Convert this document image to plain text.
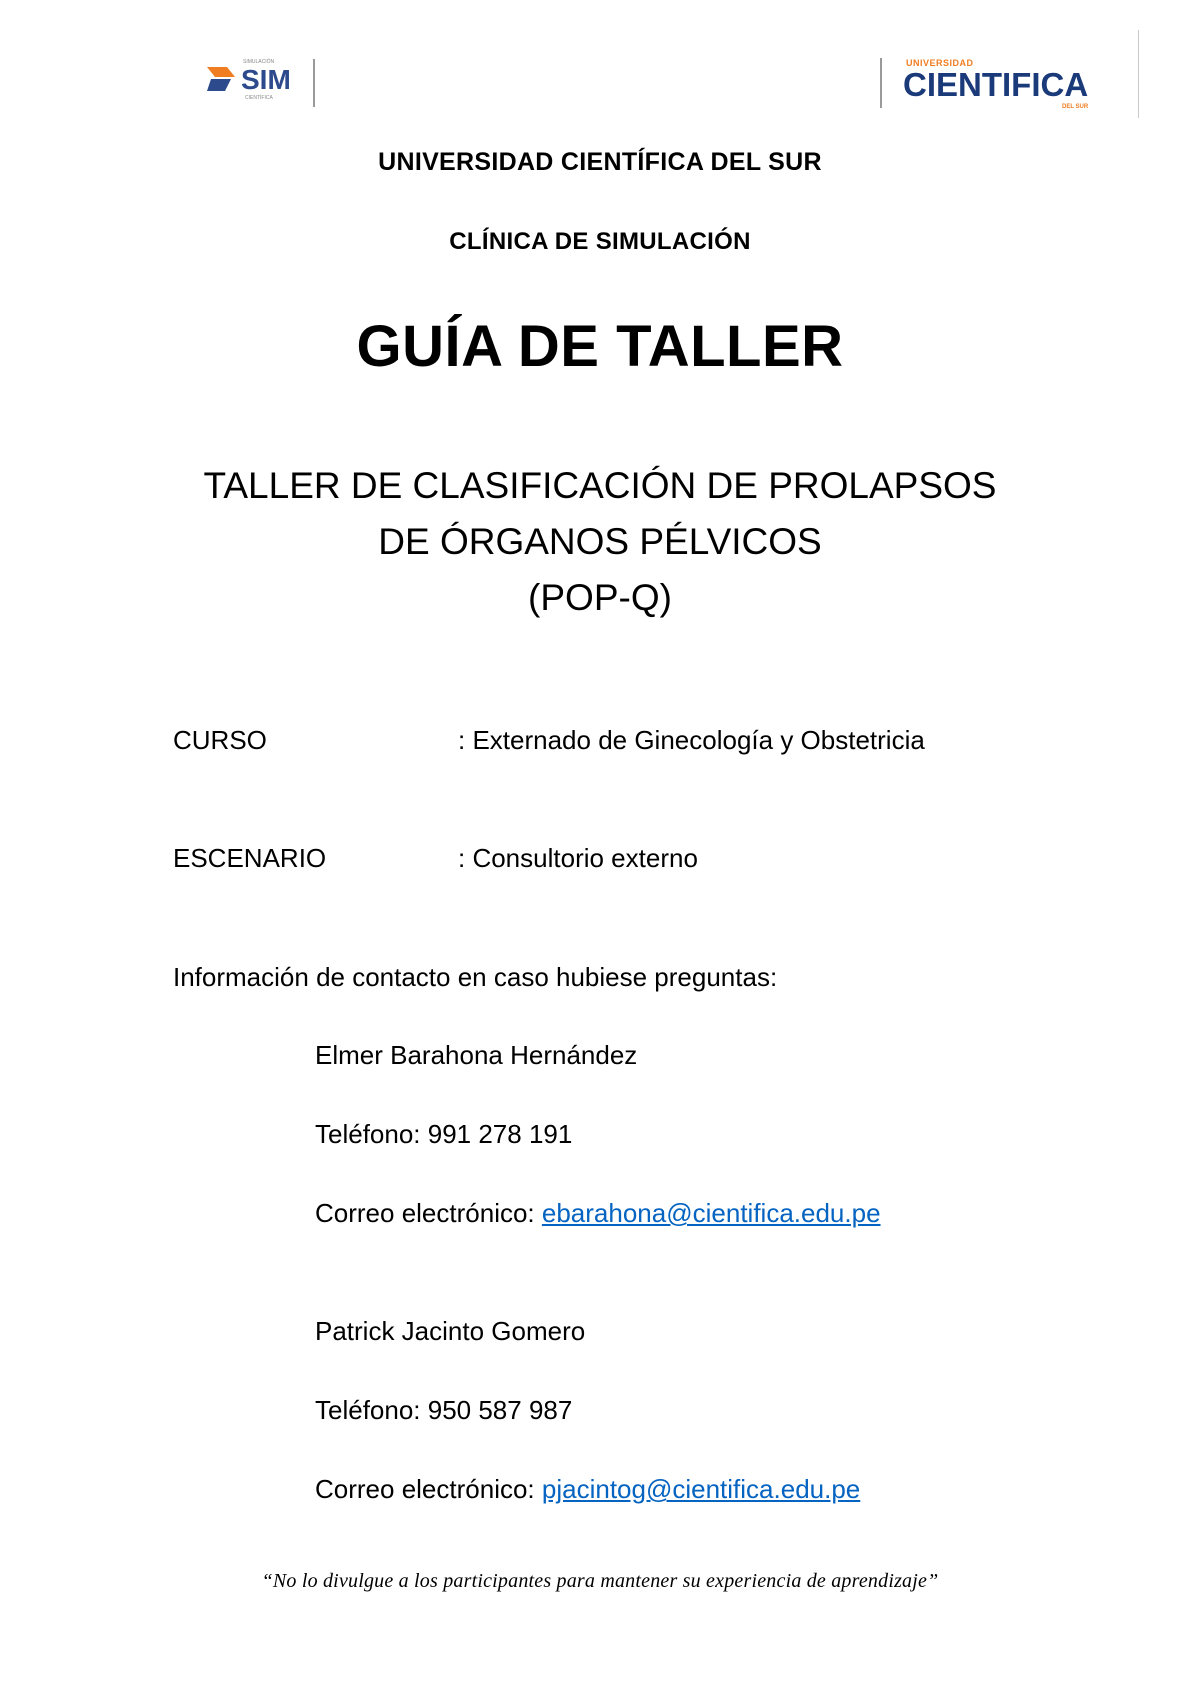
SIMULACIÓN
SIM
CIENTÍFICA
UNIVERSIDAD
CIENTIFICA
DEL SUR
UNIVERSIDAD CIENTÍFICA DEL SUR
CLÍNICA DE SIMULACIÓN
GUÍA DE TALLER
TALLER DE CLASIFICACIÓN DE PROLAPSOS
DE ÓRGANOS PÉLVICOS
(POP-Q)
CURSO	: Externado de Ginecología y Obstetricia
ESCENARIO	: Consultorio externo
Información de contacto en caso hubiese preguntas:
Elmer Barahona Hernández
Teléfono: 991 278 191
Correo electrónico: ebarahona@cientifica.edu.pe
Patrick Jacinto Gomero
Teléfono: 950 587 987
Correo electrónico: pjacintog@cientifica.edu.pe
“No lo divulgue a los participantes para mantener su experiencia de aprendizaje”
